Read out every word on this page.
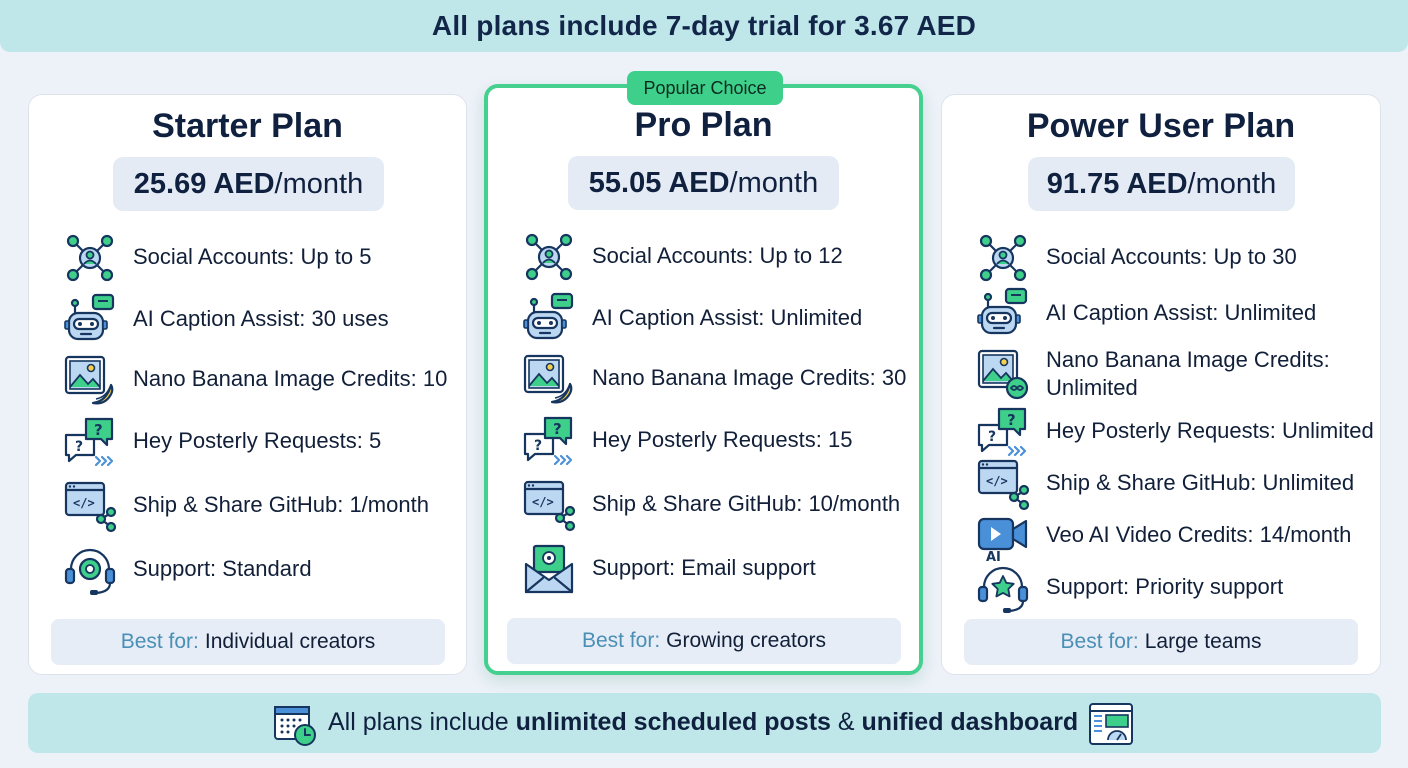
All plans include 7-day trial for 3.67 AED
Starter Plan
25.69 AED /month
Social Accounts: Up to 5
AI Caption Assist: 30 uses
Nano Banana Image Credits: 10
?
? Hey Posterly Requests: 5
</> Ship & Share GitHub: 1/month
Support: Standard
Best for: Individual creators
Popular Choice
Pro Plan
55.05 AED /month
Social Accounts: Up to 12
AI Caption Assist: Unlimited
Nano Banana Image Credits: 30
?
? Hey Posterly Requests: 15
</> Ship & Share GitHub: 10/month
Support: Email support
Best for: Growing creators
Power User Plan
91.75 AED /month
Social Accounts: Up to 30
AI Caption Assist: Unlimited
Nano Banana Image Credits: Unlimited
?
? Hey Posterly Requests: Unlimited
</> Ship & Share GitHub: Unlimited
AI
Veo AI Video Credits: 14/month
Support: Priority support
Best for: Large teams
All plans include unlimited scheduled posts & unified dashboard
